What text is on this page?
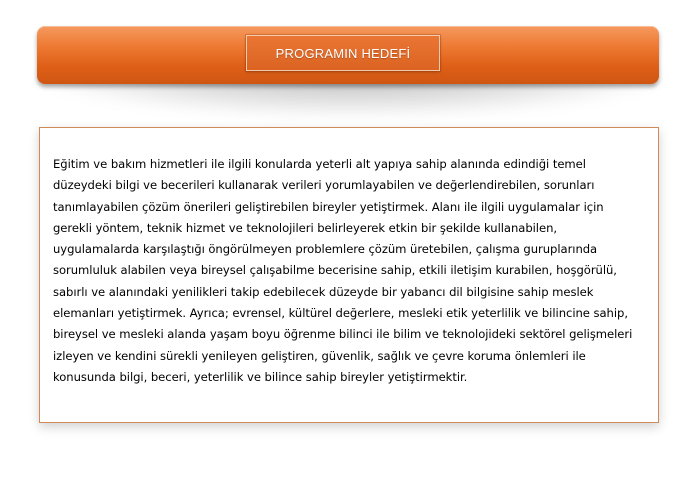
PROGRAMIN HEDEFİ

Eğitim ve bakım hizmetleri ile ilgili konularda yeterli alt yapıya sahip alanında edindiği temel düzeydeki bilgi ve becerileri kullanarak verileri yorumlayabilen ve değerlendirebilen, sorunları tanımlayabilen çözüm önerileri geliştirebilen bireyler yetiştirmek. Alanı ile ilgili uygulamalar için gerekli yöntem, teknik hizmet ve teknolojileri belirleyerek etkin bir şekilde kullanabilen, uygulamalarda karşılaştığı öngörülmeyen problemlere çözüm üretebilen, çalışma guruplarında sorumluluk alabilen veya bireysel çalışabilme becerisine sahip, etkili iletişim kurabilen, hoşgörülü, sabırlı ve alanındaki yenilikleri takip edebilecek düzeyde bir yabancı dil bilgisine sahip meslek elemanları yetiştirmek. Ayrıca; evrensel, kültürel değerlere, mesleki etik yeterlilik ve bilincine sahip, bireysel ve mesleki alanda yaşam boyu öğrenme bilinci ile bilim ve teknolojideki sektörel gelişmeleri izleyen ve kendini sürekli yenileyen geliştiren, güvenlik, sağlık ve çevre koruma önlemleri ile konusunda bilgi, beceri, yeterlilik ve bilince sahip bireyler yetiştirmektir.
